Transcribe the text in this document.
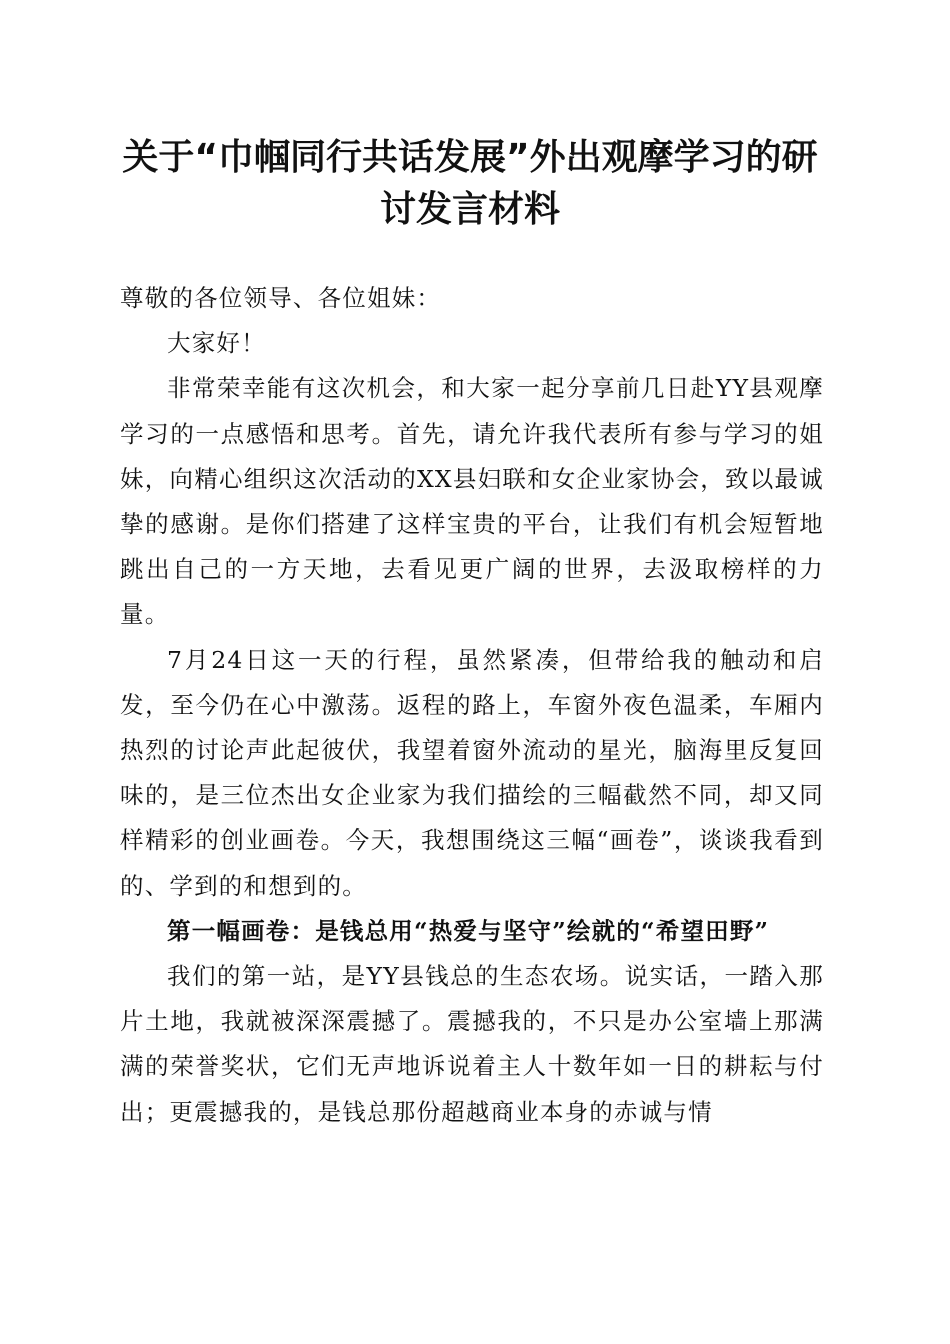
关于“巾帼同行共话发展”外出观摩学习的研
讨发言材料

尊敬的各位领导、各位姐妹：

大家好！

非常荣幸能有这次机会，和大家一起分享前几日赴YY县观摩学习的一点感悟和思考。首先，请允许我代表所有参与学习的姐妹，向精心组织这次活动的XX县妇联和女企业家协会，致以最诚挚的感谢。是你们搭建了这样宝贵的平台，让我们有机会短暂地跳出自己的一方天地，去看见更广阔的世界，去汲取榜样的力量。

7月24日这一天的行程，虽然紧凑，但带给我的触动和启发，至今仍在心中激荡。返程的路上，车窗外夜色温柔，车厢内热烈的讨论声此起彼伏，我望着窗外流动的星光，脑海里反复回味的，是三位杰出女企业家为我们描绘的三幅截然不同，却又同样精彩的创业画卷。今天，我想围绕这三幅“画卷”，谈谈我看到的、学到的和想到的。

第一幅画卷：是钱总用“热爱与坚守”绘就的“希望田野”

我们的第一站，是YY县钱总的生态农场。说实话，一踏入那片土地，我就被深深震撼了。震撼我的，不只是办公室墙上那满满的荣誉奖状，它们无声地诉说着主人十数年如一日的耕耘与付出；更震撼我的，是钱总那份超越商业本身的赤诚与情
